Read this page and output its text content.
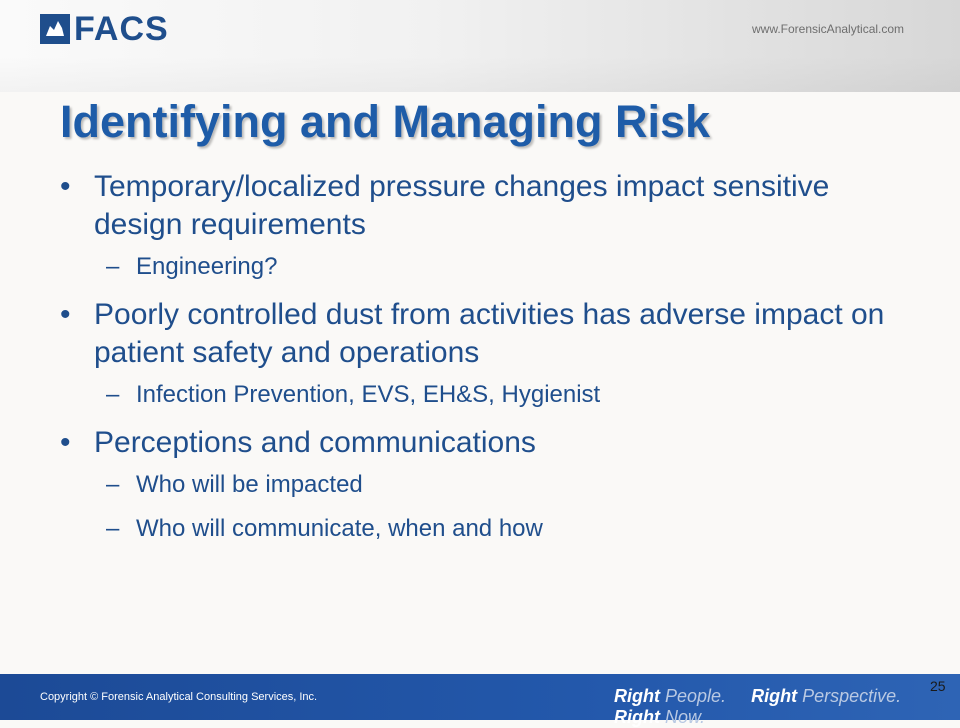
FACS	www.ForensicAnalytical.com
Identifying and Managing Risk
• Temporary/localized pressure changes impact sensitive design requirements
– Engineering?
• Poorly controlled dust from activities has adverse impact on patient safety and operations
– Infection Prevention, EVS, EH&S, Hygienist
• Perceptions and communications
– Who will be impacted
– Who will communicate, when and how
Copyright © Forensic Analytical Consulting Services, Inc.	Right People. Right Perspective. Right Now.
25
